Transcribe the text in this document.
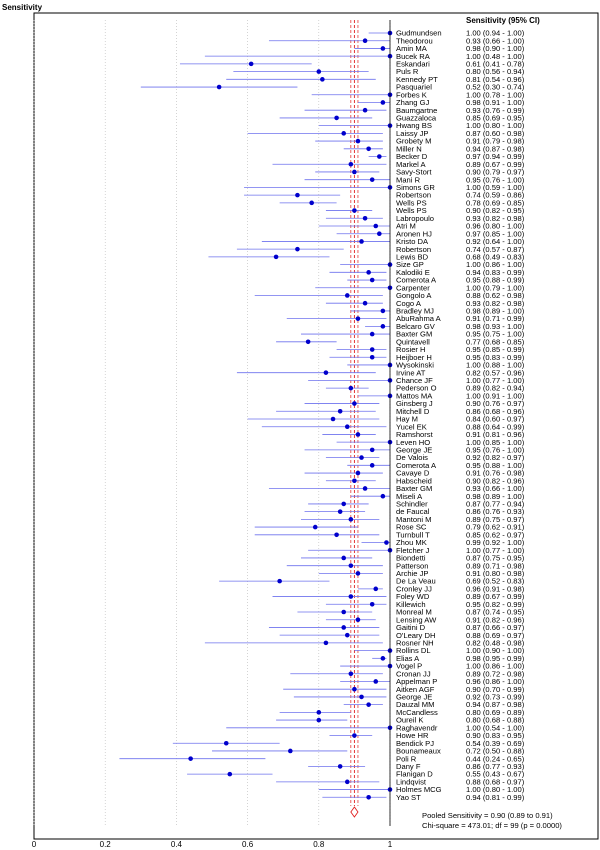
Sensitivity
Sensitivity (95% CI)
Gudmundsen	1.00 (0.94 - 1.00)
Theodorou	0.93 (0.66 - 1.00)
Amin MA	0.98 (0.90 - 1.00)
Bucek RA	1.00 (0.48 - 1.00)
Eskandari	0.61 (0.41 - 0.78)
Puls R	0.80 (0.56 - 0.94)
Kennedy PT	0.81 (0.54 - 0.96)
Pasquariel	0.52 (0.30 - 0.74)
Forbes K	1.00 (0.78 - 1.00)
Zhang GJ	0.98 (0.91 - 1.00)
Baumgartne	0.93 (0.76 - 0.99)
Guazzaloca	0.85 (0.69 - 0.95)
Hwang BS	1.00 (0.80 - 1.00)
Laissy JP	0.87 (0.60 - 0.98)
Grobety M	0.91 (0.79 - 0.98)
Miller N	0.94 (0.87 - 0.98)
Becker D	0.97 (0.94 - 0.99)
Markel A	0.89 (0.67 - 0.99)
Savy-Stort	0.90 (0.79 - 0.97)
Mani R	0.95 (0.76 - 1.00)
Simons GR	1.00 (0.59 - 1.00)
Robertson	0.74 (0.59 - 0.86)
Wells PS	0.78 (0.69 - 0.85)
Wells PS	0.90 (0.82 - 0.95)
Labropoulo	0.93 (0.82 - 0.98)
Atri M	0.96 (0.80 - 1.00)
Aronen HJ	0.97 (0.85 - 1.00)
Kristo DA	0.92 (0.64 - 1.00)
Robertson	0.74 (0.57 - 0.87)
Lewis BD	0.68 (0.49 - 0.83)
Size GP	1.00 (0.86 - 1.00)
Kalodiki E	0.94 (0.83 - 0.99)
Comerota A	0.95 (0.88 - 0.99)
Carpenter	1.00 (0.79 - 1.00)
Gongolo A	0.88 (0.62 - 0.98)
Cogo A	0.93 (0.82 - 0.98)
Bradley MJ	0.98 (0.89 - 1.00)
AbuRahma A	0.91 (0.71 - 0.99)
Belcaro GV	0.98 (0.93 - 1.00)
Baxter GM	0.95 (0.75 - 1.00)
Quintavell	0.77 (0.68 - 0.85)
Rosier H	0.95 (0.85 - 0.99)
Heijboer H	0.95 (0.83 - 0.99)
Wysokinski	1.00 (0.88 - 1.00)
Irvine AT	0.82 (0.57 - 0.96)
Chance JF	1.00 (0.77 - 1.00)
Pederson O	0.89 (0.82 - 0.94)
Mattos MA	1.00 (0.91 - 1.00)
Ginsberg J	0.90 (0.76 - 0.97)
Mitchell D	0.86 (0.68 - 0.96)
Hay M	0.84 (0.60 - 0.97)
Yucel EK	0.88 (0.64 - 0.99)
Ramshorst	0.91 (0.81 - 0.96)
Leven HO	1.00 (0.85 - 1.00)
George JE	0.95 (0.76 - 1.00)
De Valois	0.92 (0.82 - 0.97)
Comerota A	0.95 (0.88 - 1.00)
Cavaye D	0.91 (0.76 - 0.98)
Habscheid	0.90 (0.82 - 0.96)
Baxter GM	0.93 (0.66 - 1.00)
Miseli A	0.98 (0.89 - 1.00)
Schindler	0.87 (0.77 - 0.94)
de Faucal	0.86 (0.76 - 0.93)
Mantoni M	0.89 (0.75 - 0.97)
Rose SC	0.79 (0.62 - 0.91)
Turnbull T	0.85 (0.62 - 0.97)
Zhou MK	0.99 (0.92 - 1.00)
Fletcher J	1.00 (0.77 - 1.00)
Biondetti	0.87 (0.75 - 0.95)
Patterson	0.89 (0.71 - 0.98)
Archie JP	0.91 (0.80 - 0.98)
De La Veau	0.69 (0.52 - 0.83)
Cronley JJ	0.96 (0.91 - 0.98)
Foley WD	0.89 (0.67 - 0.99)
Killewich	0.95 (0.82 - 0.99)
Monreal M	0.87 (0.74 - 0.95)
Lensing AW	0.91 (0.82 - 0.96)
Gaitini D	0.87 (0.66 - 0.97)
O'Leary DH	0.88 (0.69 - 0.97)
Rosner NH	0.82 (0.48 - 0.98)
Rollins DL	1.00 (0.90 - 1.00)
Elias A	0.98 (0.95 - 0.99)
Vogel P	1.00 (0.86 - 1.00)
Cronan JJ	0.89 (0.72 - 0.98)
Appelman P	0.96 (0.86 - 1.00)
Aitken AGF	0.90 (0.70 - 0.99)
George JE	0.92 (0.73 - 0.99)
Dauzal MM	0.94 (0.87 - 0.98)
McCandless	0.80 (0.69 - 0.89)
Oureil K	0.80 (0.68 - 0.88)
Raghavendr	1.00 (0.54 - 1.00)
Howe HR	0.90 (0.83 - 0.95)
Bendick PJ	0.54 (0.39 - 0.69)
Bounameaux	0.72 (0.50 - 0.88)
Poli R	0.44 (0.24 - 0.65)
Dany F	0.86 (0.77 - 0.93)
Flanigan D	0.55 (0.43 - 0.67)
Lindqvist	0.88 (0.68 - 0.97)
Holmes MCG	1.00 (0.80 - 1.00)
Yao ST	0.94 (0.81 - 0.99)
0	0.2	0.4	0.6	0.8	1
Pooled Sensitivity = 0.90 (0.89 to 0.91)
Chi-square = 473.01; df = 99 (p = 0.0000)
